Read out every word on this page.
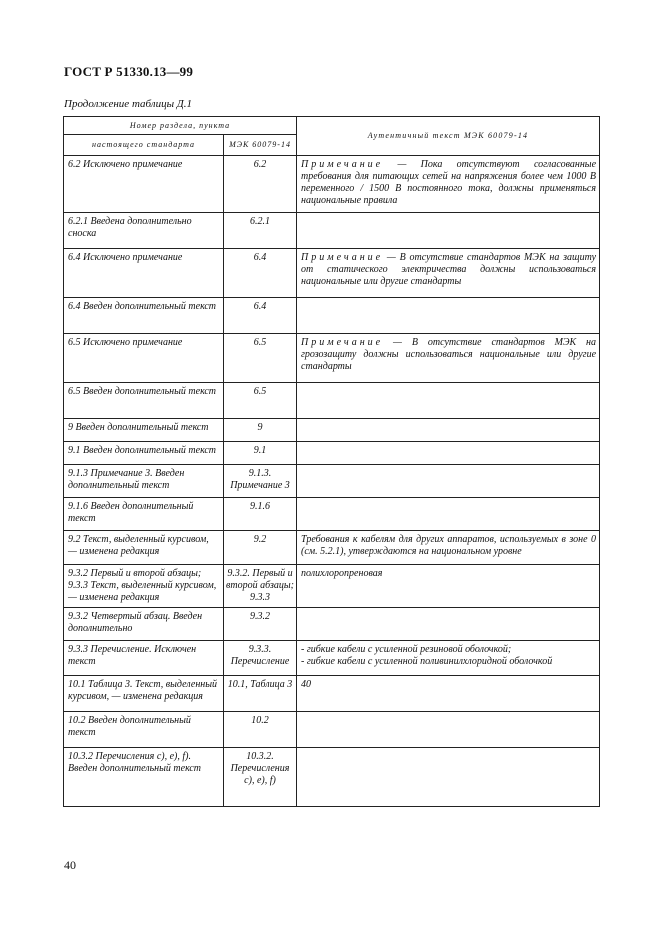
ГОСТ Р 51330.13—99
Продолжение таблицы Д.1
Номер раздела, пункта		Аутентичный текст МЭК 60079-14
настоящего стандарта	МЭК 60079-14	
6.2 Исключено примечание	6.2	Примечание — Пока отсутствуют согласованные требования для питающих сетей на напряжения более чем 1000 В переменного / 1500 В постоянного тока, должны применяться национальные правила
6.2.1 Введена дополнительно сноска	6.2.1	
6.4 Исключено примечание	6.4	Примечание — В отсутствие стандартов МЭК на защиту от статического электричества должны использоваться национальные или другие стандарты
6.4 Введен дополнительный текст	6.4	
6.5 Исключено примечание	6.5	Примечание — В отсутствие стандартов МЭК на грозозащиту должны использоваться национальные или другие стандарты
6.5 Введен дополнительный текст	6.5	
9 Введен дополнительный текст	9	
9.1 Введен дополнительный текст	9.1	
9.1.3 Примечание 3. Введен дополнительный текст	9.1.3. Примечание 3	
9.1.6 Введен дополнительный текст	9.1.6	
9.2 Текст, выделенный курсивом, — изменена редакция	9.2	Требования к кабелям для других аппаратов, используемых в зоне 0 (см. 5.2.1), утверждаются на национальном уровне
9.3.2 Первый и второй абзацы; 9.3.3 Текст, выделенный курсивом, — изменена редакция	9.3.2. Первый и второй абзацы; 9.3.3	полихлоропреновая
9.3.2 Четвертый абзац. Введен дополнительно	9.3.2	
9.3.3 Перечисление. Исключен текст	9.3.3. Перечисление	- гибкие кабели с усиленной резиновой оболочкой;
- гибкие кабели с усиленной поливинилхлоридной оболочкой
10.1 Таблица 3. Текст, выделенный курсивом, — изменена редакция	10.1, Таблица 3	40
10.2 Введен дополнительный текст	10.2	
10.3.2 Перечисления c), e), f). Введен дополнительный текст	10.3.2. Перечисления c), e), f)	
40
